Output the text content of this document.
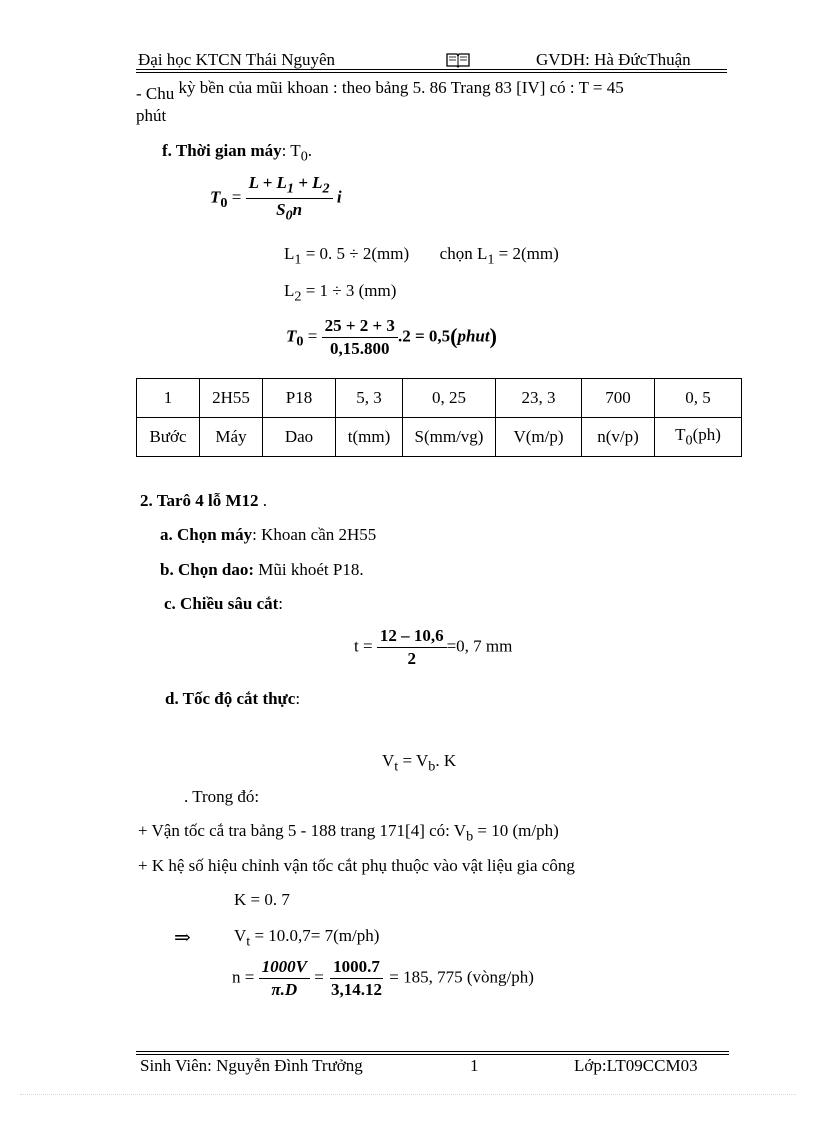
Đại học KTCN Thái Nguyên	GVDH: Hà ĐứcThuận
- Chu kỳ bền của mũi khoan : theo bảng 5. 86 Trang 83 [IV] có : T = 45
phút
f. Thời gian máy: $T_0$.
$T_0 = \frac{L + L_1 + L_2}{S_0n}$ i
$L_1 = 0$. 5 ÷ 2(mm) chọn $L_1 = 2(mm)$
$L_2 = 1 \div 3$ (mm)
$T_0 = \frac{25 + 2 + 3}{0,15.800} .2$ = 0,5(phut)
1	2H55	P18	5, 3	0, 25	23, 3	700	0, 5
Bước	Máy	Dao	t(mm)	S(mm/vg)	V(m/p)	n(v/p)	$T_0(ph)$
2. Tarô 4 lỗ M12 .
a. Chọn máy: Khoan cần 2H55
b. Chọn dao: Mũi khoét P18.
c. Chiều sâu cắt:
$t = \frac{12 - 10,6}{2} =0$, 7 mm
d. Tốc độ cắt thực:
$V_t = V_b$. K
. Trong đó:
+ Vận tốc cắ tra bảng 5 - 188 trang 171[4] có: $V_b = 10$ (m/ph)
+ K hệ số hiệu chỉnh vận tốc cắt phụ thuộc vào vật liệu gia công
K = 0. 7
⇒	$V_t = 10.0,7= 7(m/ph)$
$n = \frac{1000V}{\pi.D} = \frac{1000.7}{3,14.12} = 185$, 775 (vòng/ph)
Sinh Viên: Nguyễn Đình Trưởng	1	Lớp:LT09CCM03
